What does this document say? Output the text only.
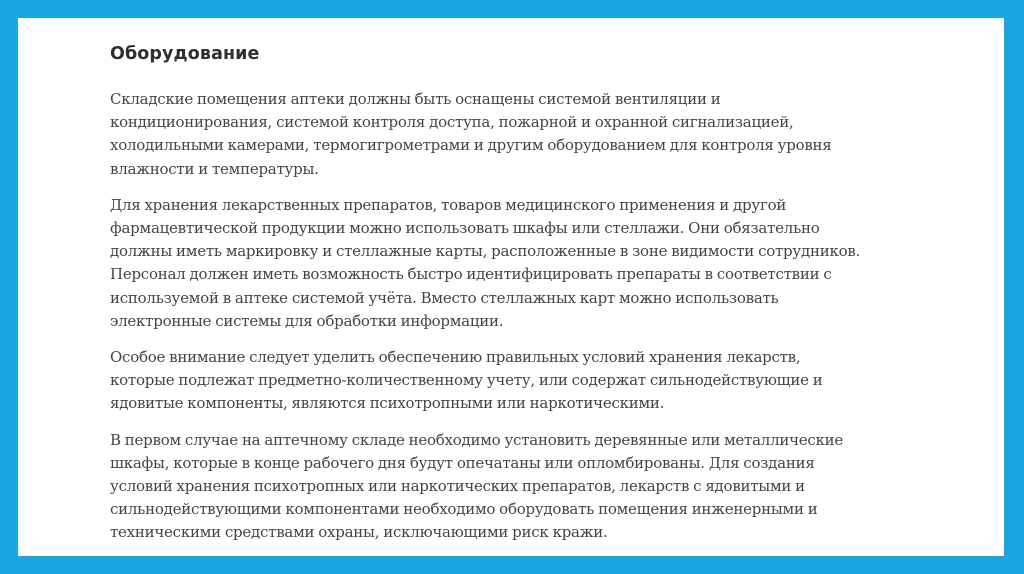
Оборудование

Складские помещения аптеки должны быть оснащены системой вентиляции и
кондиционирования, системой контроля доступа, пожарной и охранной сигнализацией,
холодильными камерами, термогигрометрами и другим оборудованием для контроля уровня
влажности и температуры.

Для хранения лекарственных препаратов, товаров медицинского применения и другой
фармацевтической продукции можно использовать шкафы или стеллажи. Они обязательно
должны иметь маркировку и стеллажные карты, расположенные в зоне видимости сотрудников.
Персонал должен иметь возможность быстро идентифицировать препараты в соответствии с
используемой в аптеке системой учёта. Вместо стеллажных карт можно использовать
электронные системы для обработки информации.

Особое внимание следует уделить обеспечению правильных условий хранения лекарств,
которые подлежат предметно-количественному учету, или содержат сильнодействующие и
ядовитые компоненты, являются психотропными или наркотическими.

В первом случае на аптечному складе необходимо установить деревянные или металлические
шкафы, которые в конце рабочего дня будут опечатаны или опломбированы. Для создания
условий хранения психотропных или наркотических препаратов, лекарств с ядовитыми и
сильнодействующими компонентами необходимо оборудовать помещения инженерными и
техническими средствами охраны, исключающими риск кражи.
